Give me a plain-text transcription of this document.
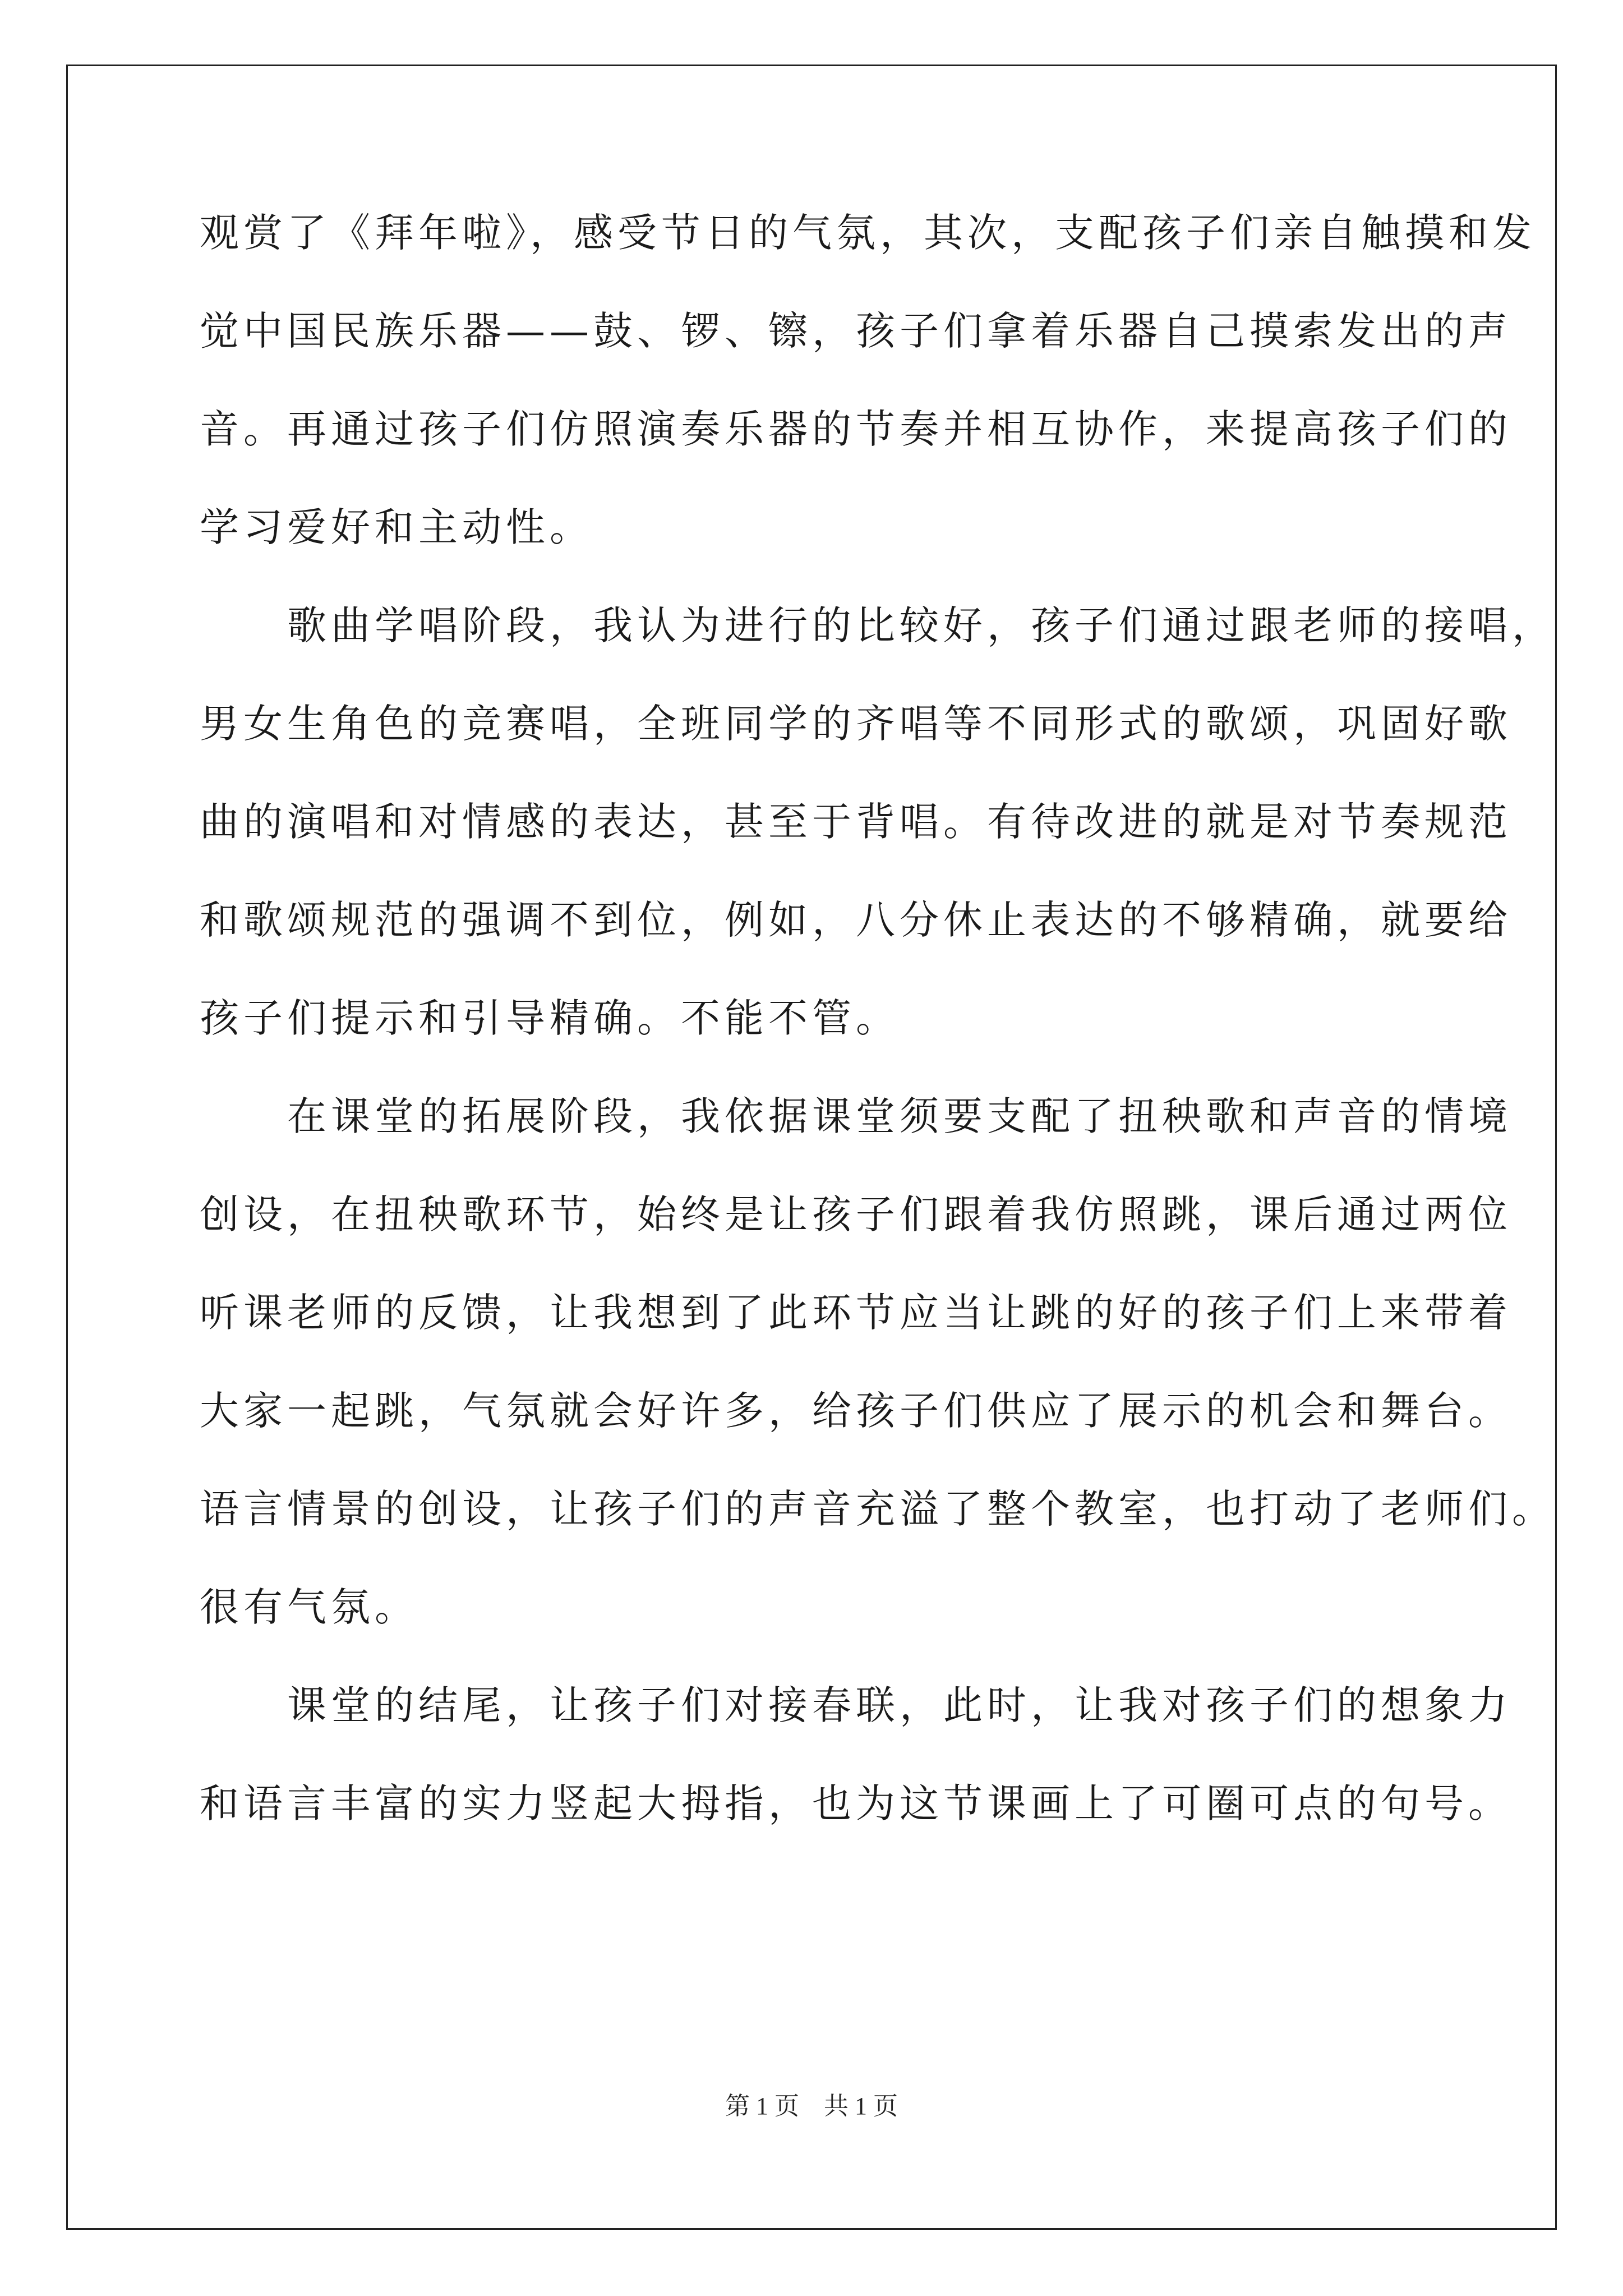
观赏了《拜年啦》，感受节日的气氛，其次，支配孩子们亲自触摸和发
觉中国民族乐器——鼓、锣、镲，孩子们拿着乐器自己摸索发出的声
音。再通过孩子们仿照演奏乐器的节奏并相互协作，来提高孩子们的
学习爱好和主动性。
　　歌曲学唱阶段，我认为进行的比较好，孩子们通过跟老师的接唱，
男女生角色的竞赛唱，全班同学的齐唱等不同形式的歌颂，巩固好歌
曲的演唱和对情感的表达，甚至于背唱。有待改进的就是对节奏规范
和歌颂规范的强调不到位，例如，八分休止表达的不够精确，就要给
孩子们提示和引导精确。不能不管。
　　在课堂的拓展阶段，我依据课堂须要支配了扭秧歌和声音的情境
创设，在扭秧歌环节，始终是让孩子们跟着我仿照跳，课后通过两位
听课老师的反馈，让我想到了此环节应当让跳的好的孩子们上来带着
大家一起跳，气氛就会好许多，给孩子们供应了展示的机会和舞台。
语言情景的创设，让孩子们的声音充溢了整个教室，也打动了老师们。
很有气氛。
　　课堂的结尾，让孩子们对接春联，此时，让我对孩子们的想象力
和语言丰富的实力竖起大拇指，也为这节课画上了可圈可点的句号。
第 1 页　共 1 页
